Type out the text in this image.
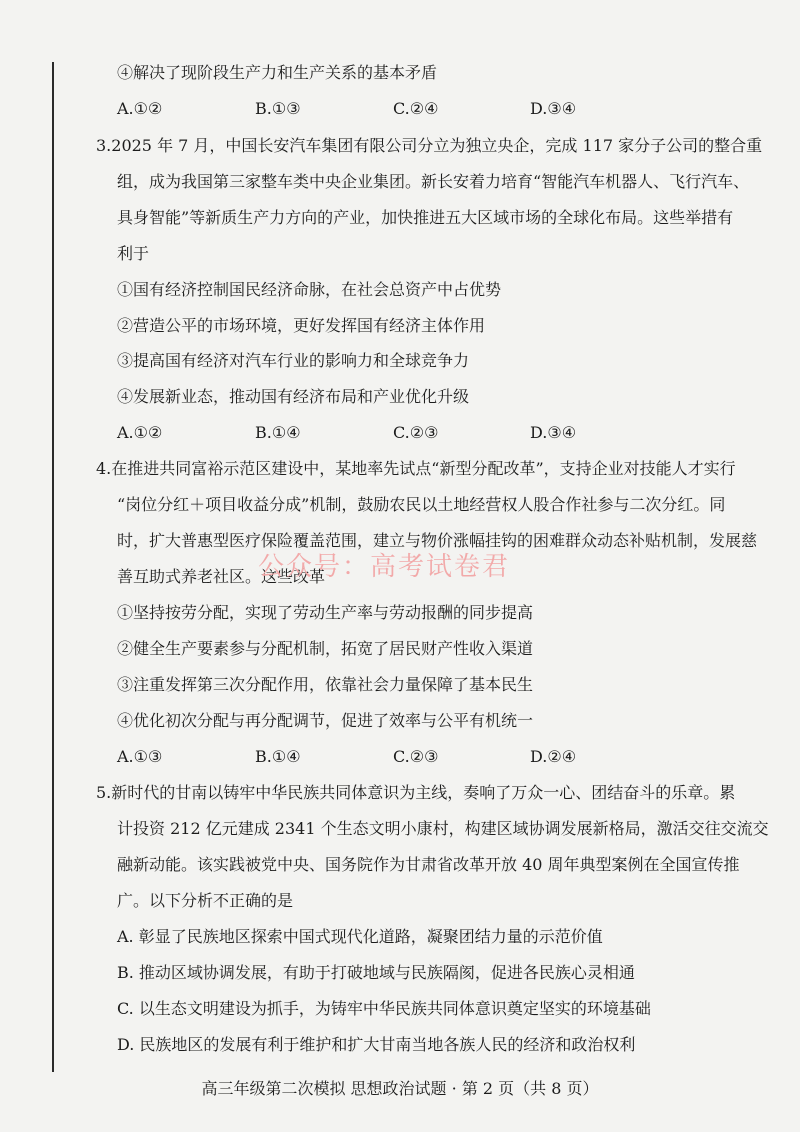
④解决了现阶段生产力和生产关系的基本矛盾
A.①②	B.①③	C.②④	D.③④
3.2025 年 7 月，中国长安汽车集团有限公司分立为独立央企，完成 117 家分子公司的整合重
组，成为我国第三家整车类中央企业集团。新长安着力培育“智能汽车机器人、飞行汽车、
具身智能”等新质生产力方向的产业，加快推进五大区域市场的全球化布局。这些举措有
利于
①国有经济控制国民经济命脉，在社会总资产中占优势
②营造公平的市场环境，更好发挥国有经济主体作用
③提高国有经济对汽车行业的影响力和全球竞争力
④发展新业态，推动国有经济布局和产业优化升级
A.①②	B.①④	C.②③	D.③④
4.在推进共同富裕示范区建设中，某地率先试点“新型分配改革”，支持企业对技能人才实行
“岗位分红＋项目收益分成”机制，鼓励农民以土地经营权人股合作社参与二次分红。同
时，扩大普惠型医疗保险覆盖范围，建立与物价涨幅挂钩的困难群众动态补贴机制，发展慈
善互助式养老社区。这些改革
①坚持按劳分配，实现了劳动生产率与劳动报酬的同步提高
②健全生产要素参与分配机制，拓宽了居民财产性收入渠道
③注重发挥第三次分配作用，依靠社会力量保障了基本民生
④优化初次分配与再分配调节，促进了效率与公平有机统一
A.①③	B.①④	C.②③	D.②④
5.新时代的甘南以铸牢中华民族共同体意识为主线，奏响了万众一心、团结奋斗的乐章。累
计投资 212 亿元建成 2341 个生态文明小康村，构建区域协调发展新格局，激活交往交流交
融新动能。该实践被党中央、国务院作为甘肃省改革开放 40 周年典型案例在全国宣传推
广。以下分析不正确的是
A. 彰显了民族地区探索中国式现代化道路，凝聚团结力量的示范价值
B. 推动区域协调发展，有助于打破地域与民族隔阂，促进各民族心灵相通
C. 以生态文明建设为抓手，为铸牢中华民族共同体意识奠定坚实的环境基础
D. 民族地区的发展有利于维护和扩大甘南当地各族人民的经济和政治权利
公众号：高考试卷君
高三年级第二次模拟 思想政治试题 · 第 2 页（共 8 页）
